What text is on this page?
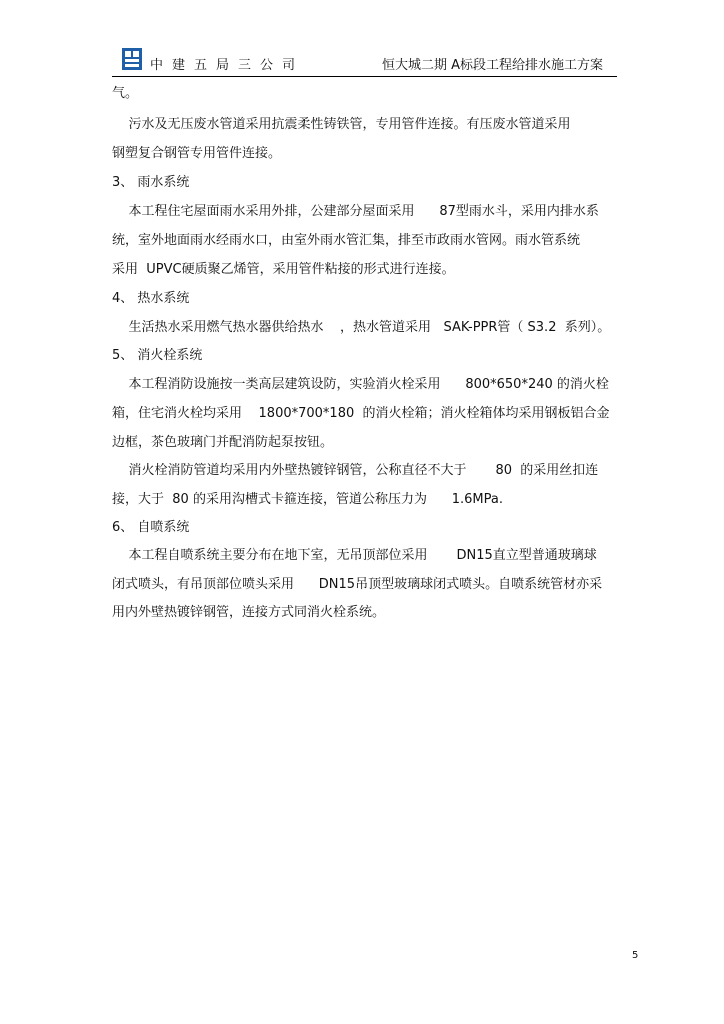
中建五局三公司	恒大城二期 A标段工程给排水施工方案
气。
污水及无压废水管道采用抗震柔性铸铁管，专用管件连接。有压废水管道采用
钢塑复合钢管专用管件连接。
3、 雨水系统
本工程住宅屋面雨水采用外排，公建部分屋面采用      87型雨水斗，采用内排水系
统，室外地面雨水经雨水口，由室外雨水管汇集，排至市政雨水管网。雨水管系统
采用  UPVC硬质聚乙烯管，采用管件粘接的形式进行连接。
4、 热水系统
生活热水采用燃气热水器供给热水    ，热水管道采用   SAK-PPR管（ S3.2  系列）。
5、 消火栓系统
本工程消防设施按一类高层建筑设防，实验消火栓采用      800*650*240 的消火栓
箱，住宅消火栓均采用    1800*700*180  的消火栓箱；消火栓箱体均采用钢板铝合金
边框，茶色玻璃门并配消防起泵按钮。
消火栓消防管道均采用内外壁热镀锌钢管，公称直径不大于       80  的采用丝扣连
接，大于  80 的采用沟槽式卡箍连接，管道公称压力为      1.6MPa.
6、 自喷系统
本工程自喷系统主要分布在地下室，无吊顶部位采用       DN15直立型普通玻璃球
闭式喷头，有吊顶部位喷头采用      DN15吊顶型玻璃球闭式喷头。自喷系统管材亦采
用内外壁热镀锌钢管，连接方式同消火栓系统。
5
